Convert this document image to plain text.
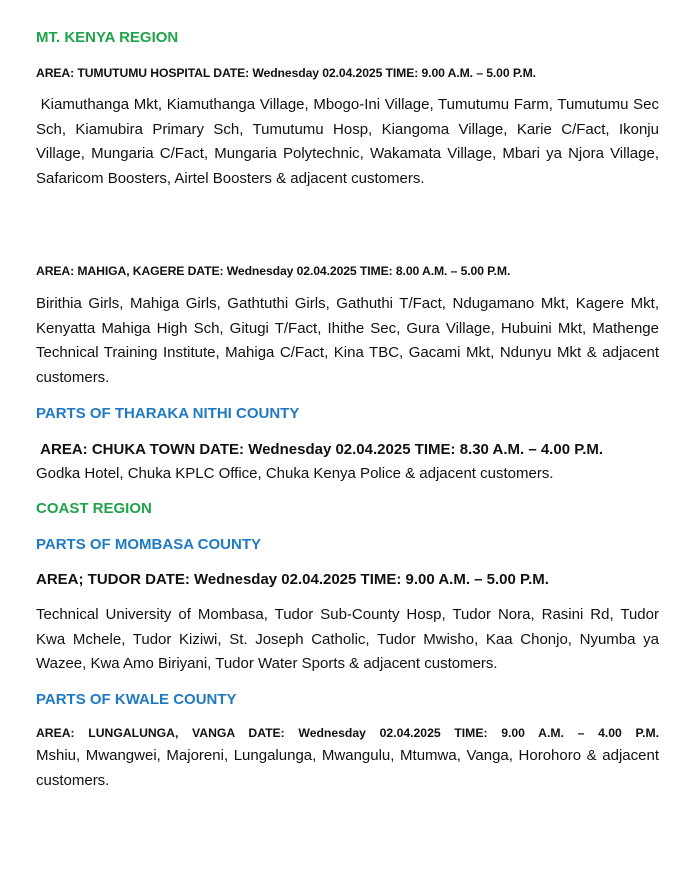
MT. KENYA REGION
AREA: TUMUTUMU HOSPITAL DATE: Wednesday 02.04.2025 TIME: 9.00 A.M. – 5.00 P.M.
Kiamuthanga Mkt, Kiamuthanga Village, Mbogo-Ini Village, Tumutumu Farm, Tumutumu Sec Sch, Kiamubira Primary Sch, Tumutumu Hosp, Kiangoma Village, Karie C/Fact, Ikonju Village, Mungaria C/Fact, Mungaria Polytechnic, Wakamata Village, Mbari ya Njora Village, Safaricom Boosters, Airtel Boosters & adjacent customers.
AREA: MAHIGA, KAGERE DATE: Wednesday 02.04.2025 TIME: 8.00 A.M. – 5.00 P.M.
Birithia Girls, Mahiga Girls, Gathtuthi Girls, Gathuthi T/Fact, Ndugamano Mkt, Kagere Mkt, Kenyatta Mahiga High Sch, Gitugi T/Fact, Ihithe Sec, Gura Village, Hubuini Mkt, Mathenge Technical Training Institute, Mahiga C/Fact, Kina TBC, Gacami Mkt, Ndunyu Mkt & adjacent customers.
PARTS OF THARAKA NITHI COUNTY
AREA: CHUKA TOWN DATE: Wednesday 02.04.2025 TIME: 8.30 A.M. – 4.00 P.M.
Godka Hotel, Chuka KPLC Office, Chuka Kenya Police & adjacent customers.
COAST REGION
PARTS OF MOMBASA COUNTY
AREA; TUDOR DATE: Wednesday 02.04.2025 TIME: 9.00 A.M. – 5.00 P.M.
Technical University of Mombasa, Tudor Sub-County Hosp, Tudor Nora, Rasini Rd, Tudor Kwa Mchele, Tudor Kiziwi, St. Joseph Catholic, Tudor Mwisho, Kaa Chonjo, Nyumba ya Wazee, Kwa Amo Biriyani, Tudor Water Sports & adjacent customers.
PARTS OF KWALE COUNTY
AREA: LUNGALUNGA, VANGA DATE: Wednesday 02.04.2025 TIME: 9.00 A.M. – 4.00 P.M.
Mshiu, Mwangwei, Majoreni, Lungalunga, Mwangulu, Mtumwa, Vanga, Horohoro & adjacent customers.
